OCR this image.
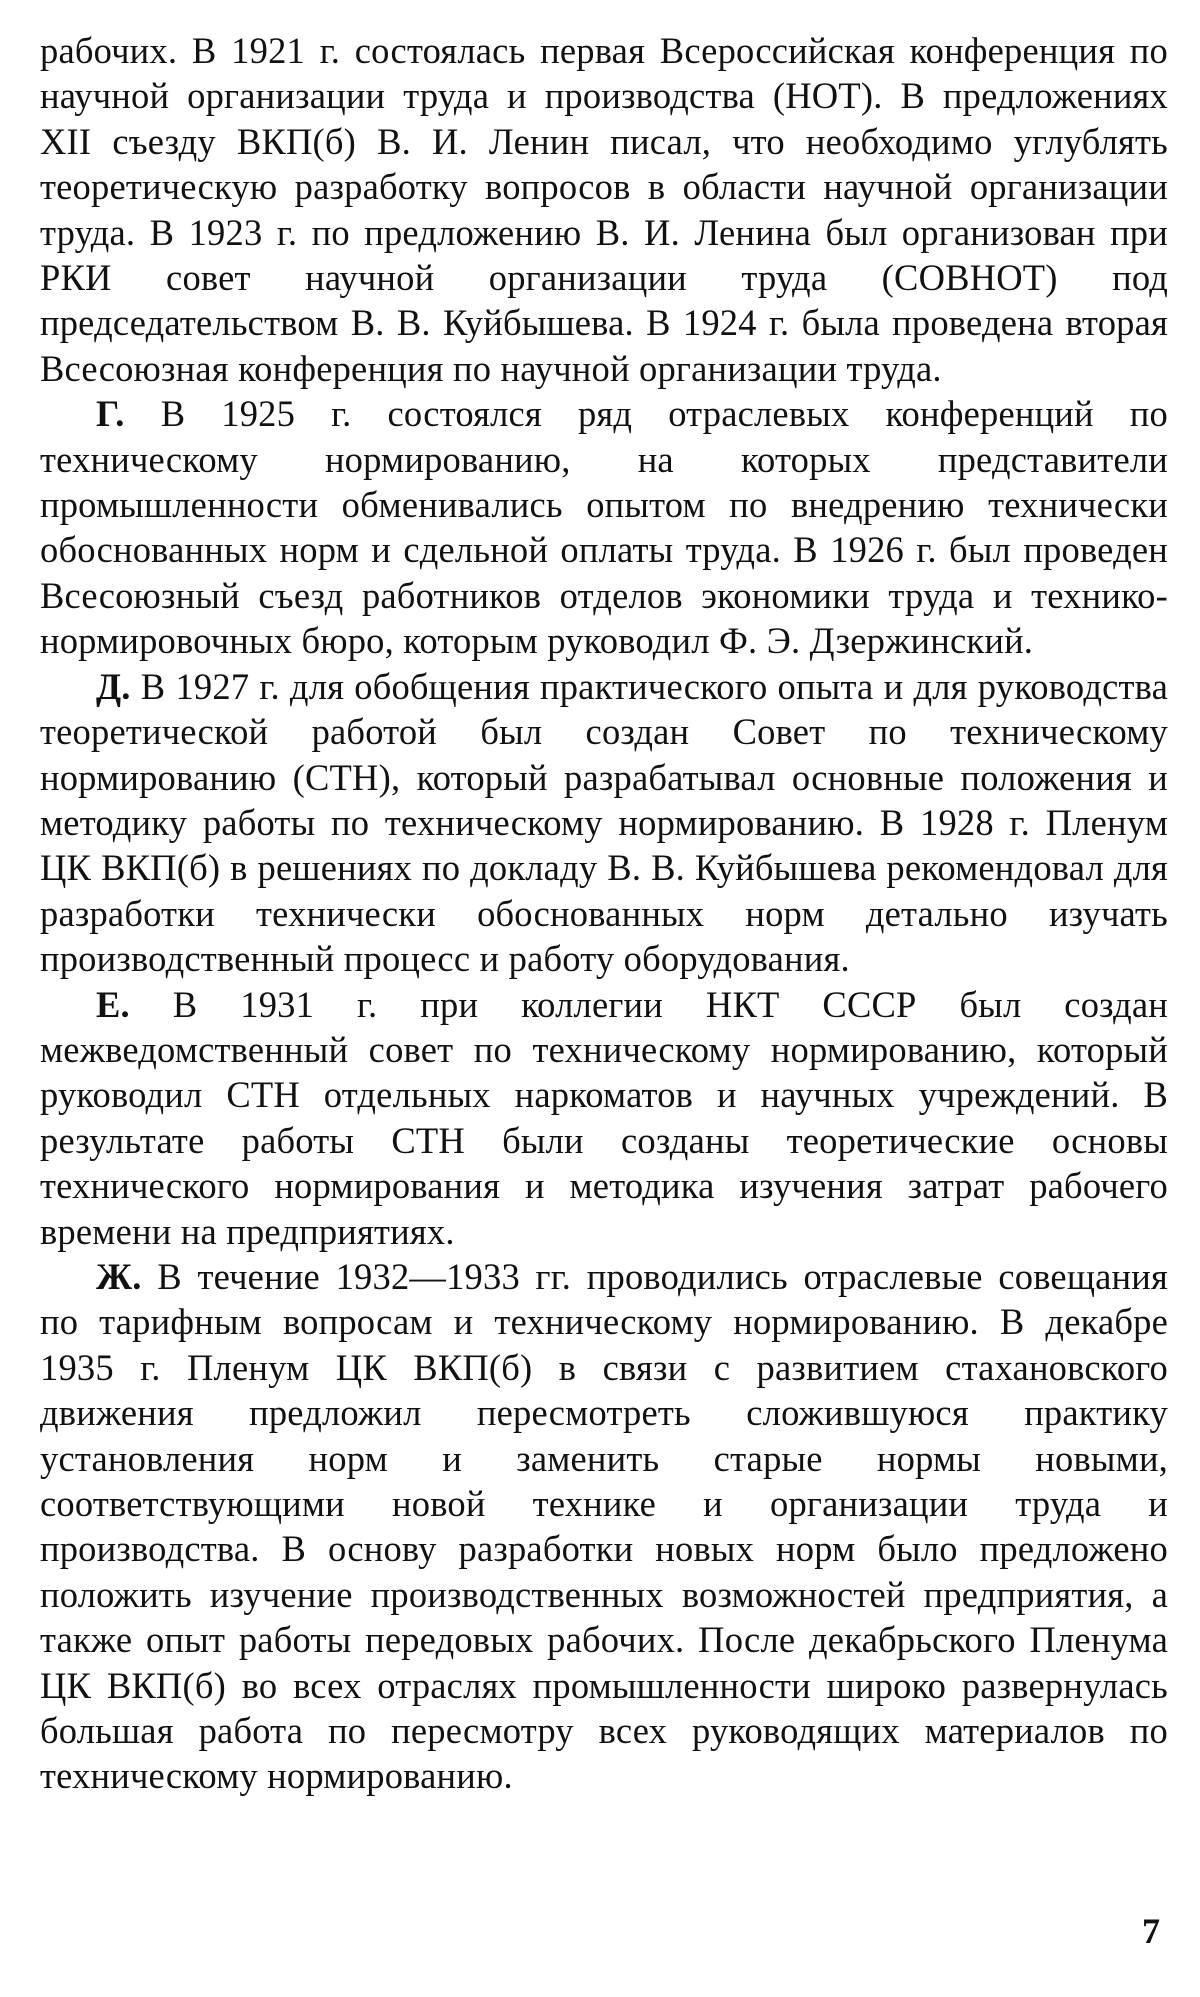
рабочих. В 1921 г. состоялась первая Всероссийская конференция по научной организации труда и производства (НОТ). В предложениях XII съезду ВКП(б) В. И. Ленин писал, что необходимо углублять теоретическую разработку вопросов в области научной организации труда. В 1923 г. по предложению В. И. Ленина был организован при РКИ совет научной организации труда (СОВНОТ) под председательством В. В. Куйбышева. В 1924 г. была проведена вторая Всесоюзная конференция по научной организации труда.

Г. В 1925 г. состоялся ряд отраслевых конференций по техническому нормированию, на которых представители промышленности обменивались опытом по внедрению технически обоснованных норм и сдельной оплаты труда. В 1926 г. был проведен Всесоюзный съезд работников отделов экономики труда и технико-нормировочных бюро, которым руководил Ф. Э. Дзержинский.

Д. В 1927 г. для обобщения практического опыта и для руководства теоретической работой был создан Совет по техническому нормированию (СТН), который разрабатывал основные положения и методику работы по техническому нормированию. В 1928 г. Пленум ЦК ВКП(б) в решениях по докладу В. В. Куйбышева рекомендовал для разработки технически обоснованных норм детально изучать производственный процесс и работу оборудования.

Е. В 1931 г. при коллегии НКТ СССР был создан межведомственный совет по техническому нормированию, который руководил СТН отдельных наркоматов и научных учреждений. В результате работы СТН были созданы теоретические основы технического нормирования и методика изучения затрат рабочего времени на предприятиях.

Ж. В течение 1932—1933 гг. проводились отраслевые совещания по тарифным вопросам и техническому нормированию. В декабре 1935 г. Пленум ЦК ВКП(б) в связи с развитием стахановского движения предложил пересмотреть сложившуюся практику установления норм и заменить старые нормы новыми, соответствующими новой технике и организации труда и производства. В основу разработки новых норм было предложено положить изучение производственных возможностей предприятия, а также опыт работы передовых рабочих. После декабрьского Пленума ЦК ВКП(б) во всех отраслях промышленности широко развернулась большая работа по пересмотру всех руководящих материалов по техническому нормированию.

7
